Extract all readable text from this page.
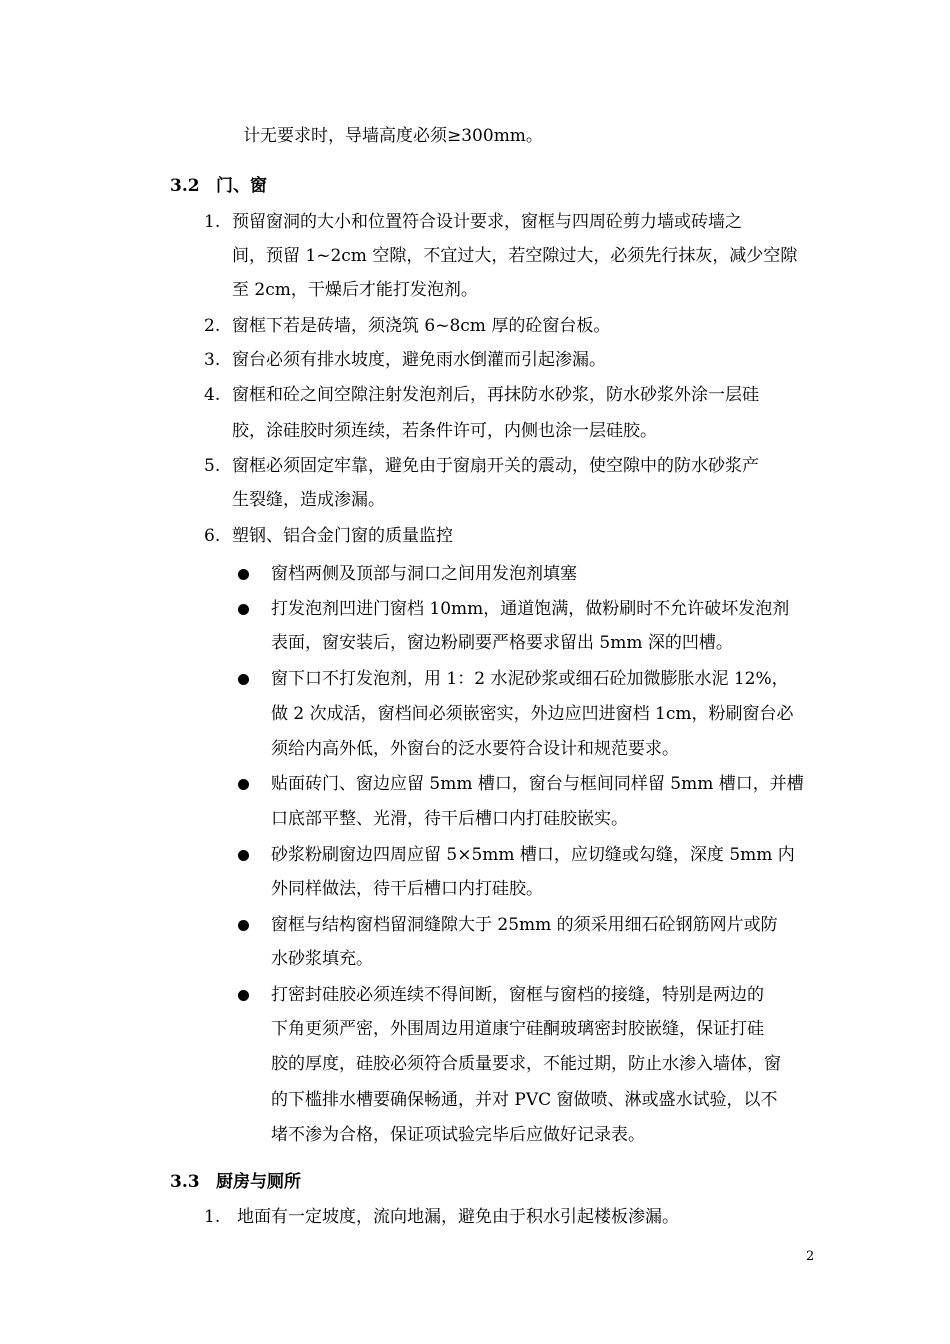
计无要求时，导墙高度必须≥300mm。
3.2 门、窗
1. 预留窗洞的大小和位置符合设计要求，窗框与四周砼剪力墙或砖墙之
间，预留 1~2cm 空隙，不宜过大，若空隙过大，必须先行抹灰，减少空隙
至 2cm，干燥后才能打发泡剂。
2. 窗框下若是砖墙，须浇筑 6~8cm 厚的砼窗台板。
3. 窗台必须有排水坡度，避免雨水倒灌而引起渗漏。
4. 窗框和砼之间空隙注射发泡剂后，再抹防水砂浆，防水砂浆外涂一层硅
胶，涂硅胶时须连续，若条件许可，内侧也涂一层硅胶。
5. 窗框必须固定牢靠，避免由于窗扇开关的震动，使空隙中的防水砂浆产
生裂缝，造成渗漏。
6. 塑钢、铝合金门窗的质量监控
窗档两侧及顶部与洞口之间用发泡剂填塞
打发泡剂凹进门窗档 10mm，通道饱满，做粉刷时不允许破坏发泡剂
表面，窗安装后，窗边粉刷要严格要求留出 5mm 深的凹槽。
窗下口不打发泡剂，用 1：2 水泥砂浆或细石砼加微膨胀水泥 12%，
做 2 次成活，窗档间必须嵌密实，外边应凹进窗档 1cm，粉刷窗台必
须给内高外低，外窗台的泛水要符合设计和规范要求。
贴面砖门、窗边应留 5mm 槽口，窗台与框间同样留 5mm 槽口，并槽
口底部平整、光滑，待干后槽口内打硅胶嵌实。
砂浆粉刷窗边四周应留 5×5mm 槽口，应切缝或勾缝，深度 5mm 内
外同样做法，待干后槽口内打硅胶。
窗框与结构窗档留洞缝隙大于 25mm 的须采用细石砼钢筋网片或防
水砂浆填充。
打密封硅胶必须连续不得间断，窗框与窗档的接缝，特别是两边的
下角更须严密，外围周边用道康宁硅酮玻璃密封胶嵌缝，保证打硅
胶的厚度，硅胶必须符合质量要求，不能过期，防止水渗入墙体，窗
的下槛排水槽要确保畅通，并对 PVC 窗做喷、淋或盛水试验，以不
堵不渗为合格，保证项试验完毕后应做好记录表。
3.3 厨房与厕所
1. 地面有一定坡度，流向地漏，避免由于积水引起楼板渗漏。
2
